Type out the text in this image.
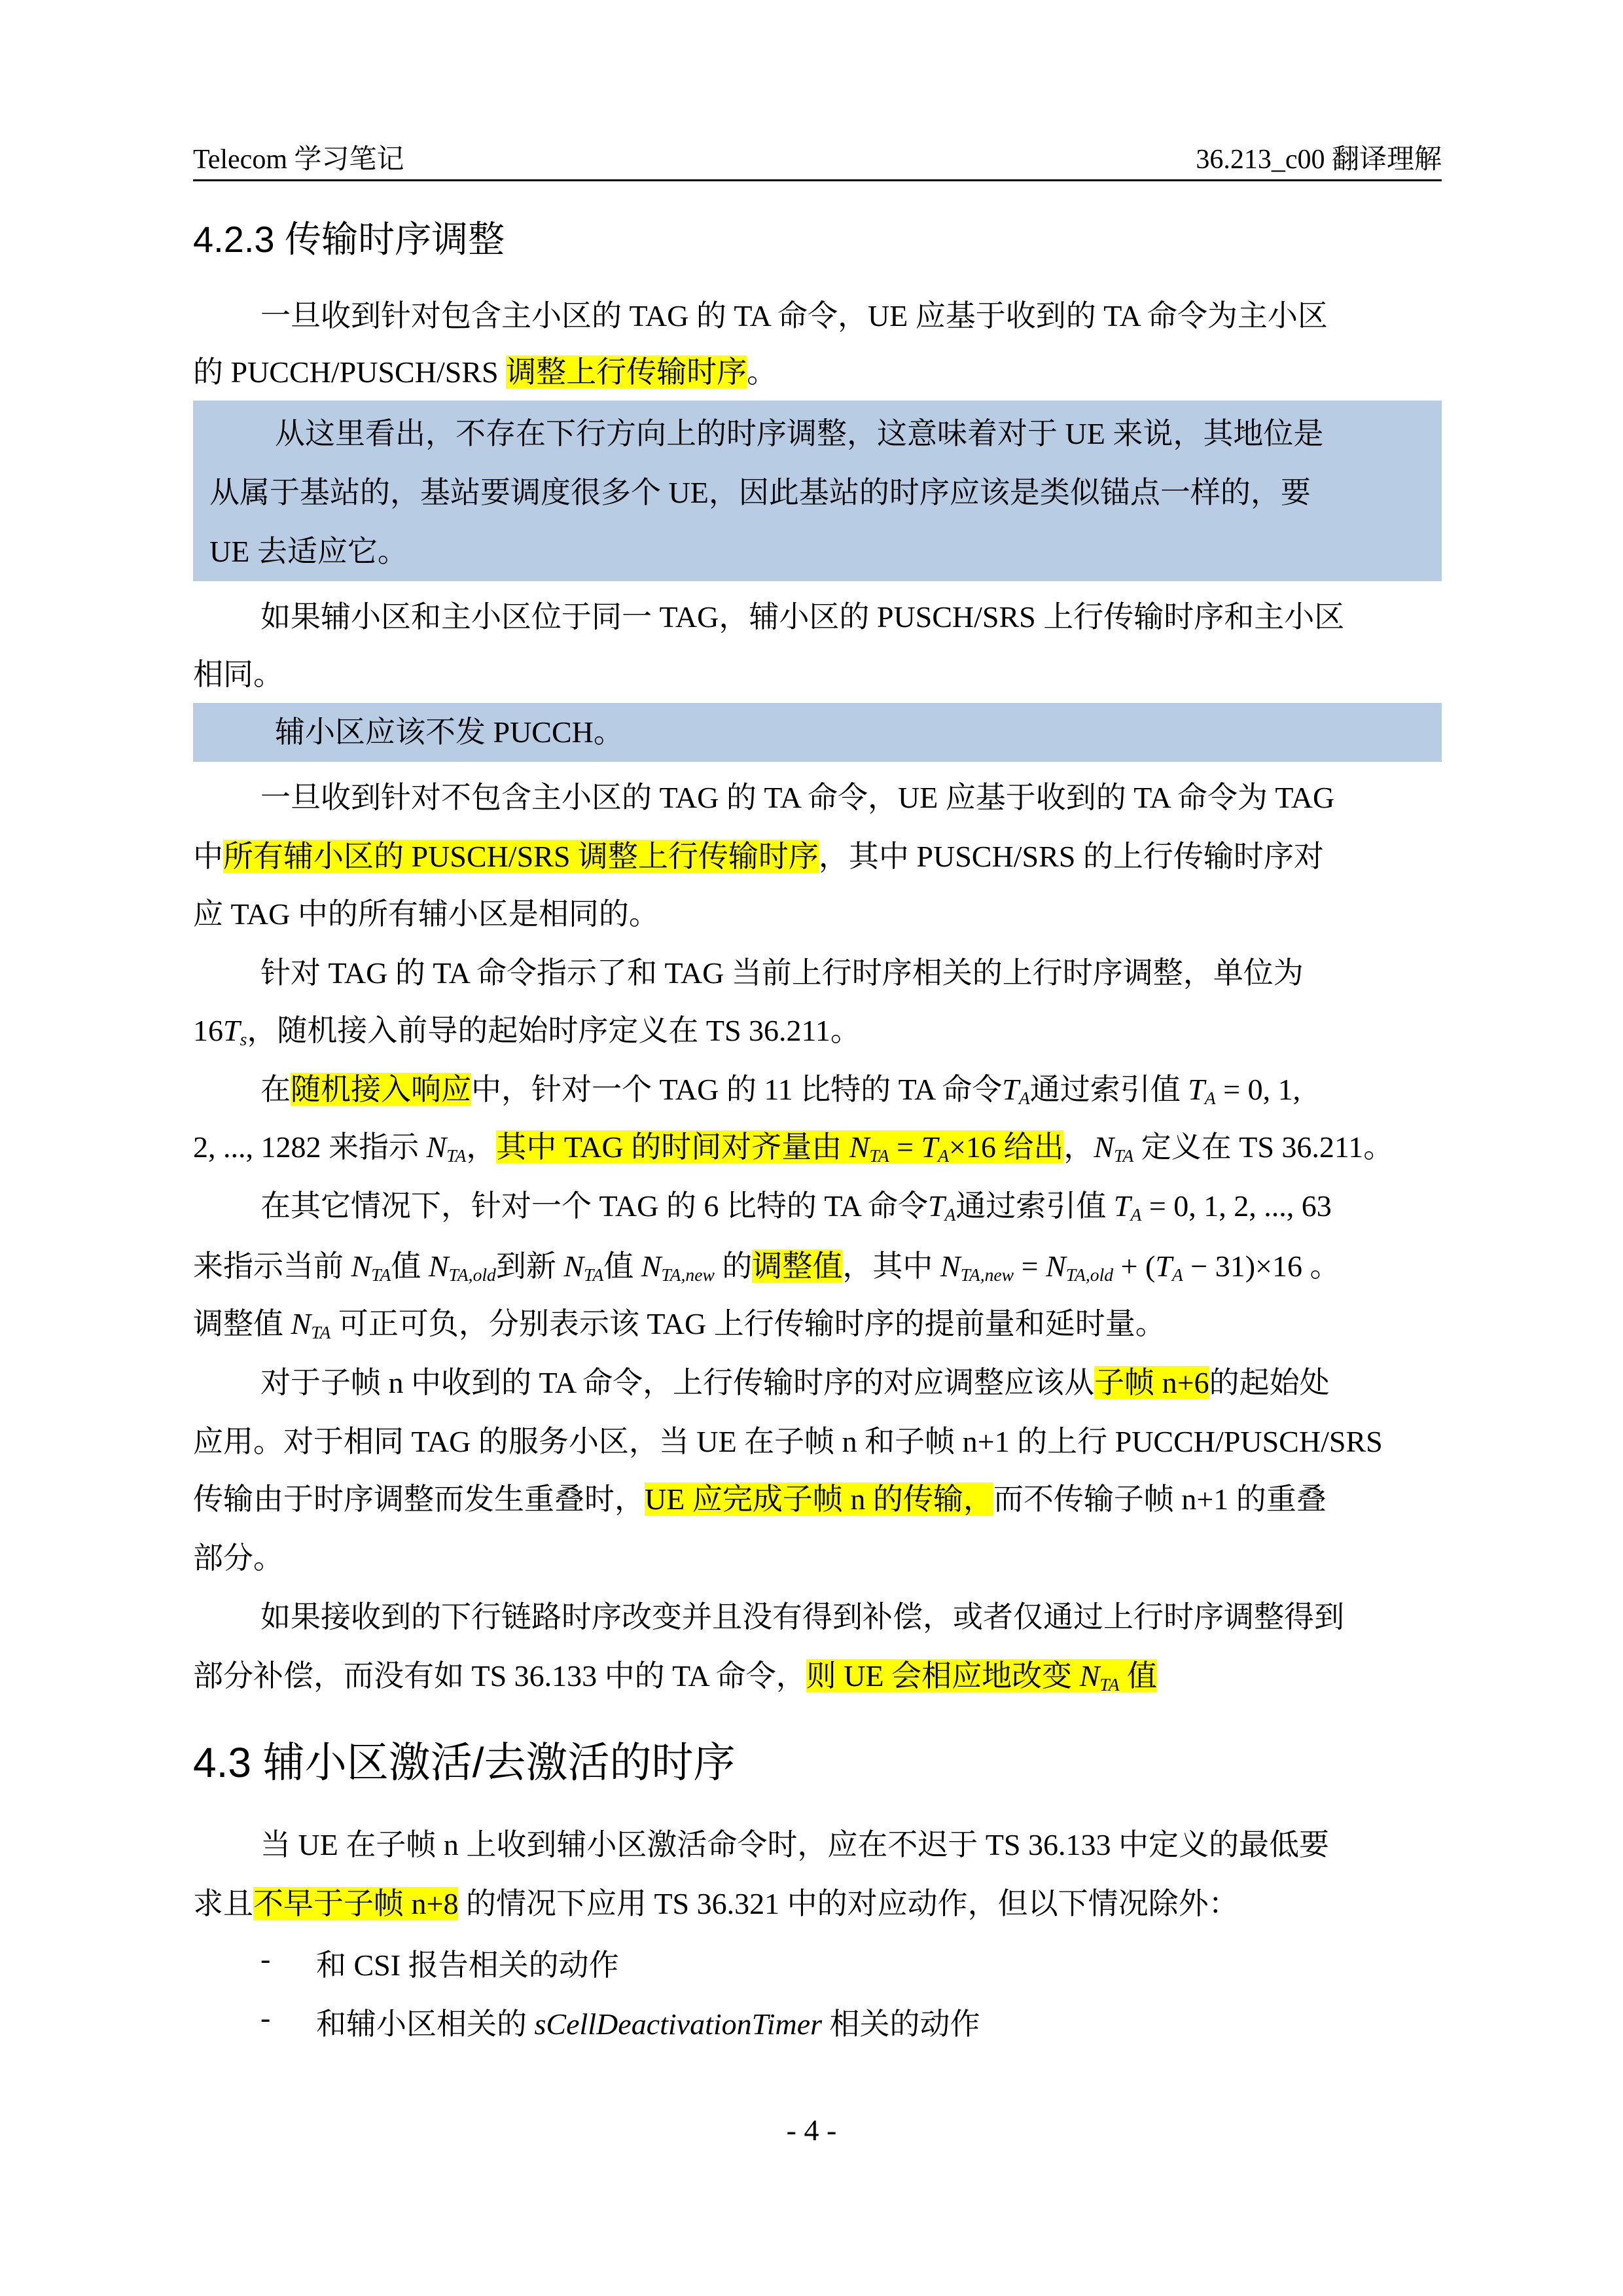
Telecom 学习笔记	36.213_c00 翻译理解
4.2.3 传输时序调整
一旦收到针对包含主小区的 TAG 的 TA 命令，UE 应基于收到的 TA 命令为主小区
的 PUCCH/PUSCH/SRS 调整上行传输时序。
从这里看出，不存在下行方向上的时序调整，这意味着对于 UE 来说，其地位是
从属于基站的，基站要调度很多个 UE，因此基站的时序应该是类似锚点一样的，要
UE 去适应它。
如果辅小区和主小区位于同一 TAG，辅小区的 PUSCH/SRS 上行传输时序和主小区
相同。
辅小区应该不发 PUCCH。
一旦收到针对不包含主小区的 TAG 的 TA 命令，UE 应基于收到的 TA 命令为 TAG
中所有辅小区的 PUSCH/SRS 调整上行传输时序，其中 PUSCH/SRS 的上行传输时序对
应 TAG 中的所有辅小区是相同的。
针对 TAG 的 TA 命令指示了和 TAG 当前上行时序相关的上行时序调整，单位为
$16T_s$，随机接入前导的起始时序定义在 TS 36.211。
在随机接入响应中，针对一个 TAG 的 11 比特的 TA 命令$T_A$通过索引值 $T_A = 0$, 1,
2, ..., 1282 来指示 $N_{TA}$，其中 TAG 的时间对齐量由 $N_{TA} = T_A\times 16$ 给出，$N_{TA}$ 定义在 TS 36.211。
在其它情况下，针对一个 TAG 的 6 比特的 TA 命令$T_A$通过索引值 $T_A = 0$, 1, 2, ..., 63
来指示当前 $N_{TA}$值 $N_{TA,old}$到新 $N_{TA}$值 $N_{TA,new}$ 的调整值，其中 $N_{TA,new} = N_{TA,old} + (T_A - 31)\times 16$ 。
调整值 $N_{TA}$ 可正可负，分别表示该 TAG 上行传输时序的提前量和延时量。
对于子帧 n 中收到的 TA 命令，上行传输时序的对应调整应该从子帧 n+6的起始处
应用。对于相同 TAG 的服务小区，当 UE 在子帧 n 和子帧 n+1 的上行 PUCCH/PUSCH/SRS
传输由于时序调整而发生重叠时，UE 应完成子帧 n 的传输，而不传输子帧 n+1 的重叠
部分。
如果接收到的下行链路时序改变并且没有得到补偿，或者仅通过上行时序调整得到
部分补偿，而没有如 TS 36.133 中的 TA 命令，则 UE 会相应地改变 $N_{TA}$ 值
4.3 辅小区激活/去激活的时序
当 UE 在子帧 n 上收到辅小区激活命令时，应在不迟于 TS 36.133 中定义的最低要
求且不早于子帧 n+8 的情况下应用 TS 36.321 中的对应动作，但以下情况除外：
- 和 CSI 报告相关的动作
- 和辅小区相关的 sCellDeactivationTimer 相关的动作
- 4 -
